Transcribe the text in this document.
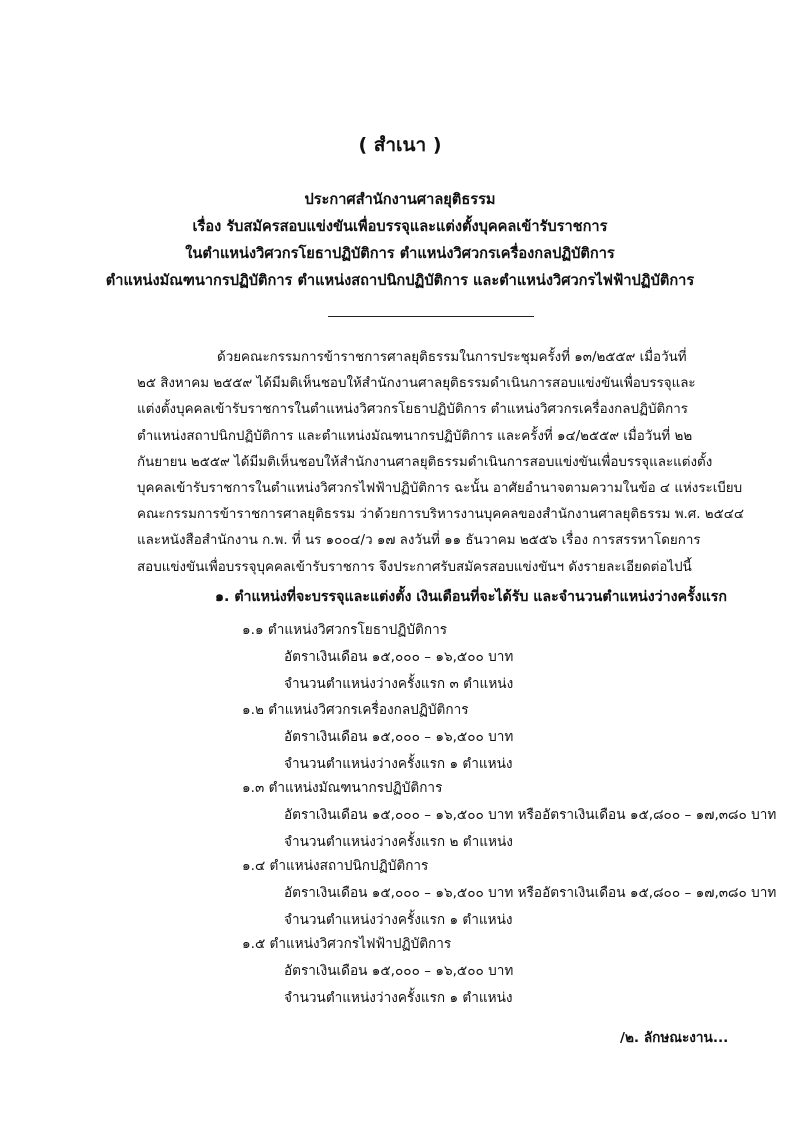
( สำเนา )
ประกาศสำนักงานศาลยุติธรรม
เรื่อง รับสมัครสอบแข่งขันเพื่อบรรจุและแต่งตั้งบุคคลเข้ารับราชการ
ในตำแหน่งวิศวกรโยธาปฏิบัติการ ตำแหน่งวิศวกรเครื่องกลปฏิบัติการ
ตำแหน่งมัณฑนากรปฏิบัติการ ตำแหน่งสถาปนิกปฏิบัติการ และตำแหน่งวิศวกรไฟฟ้าปฏิบัติการ
ด้วยคณะกรรมการข้าราชการศาลยุติธรรมในการประชุมครั้งที่ ๑๓/๒๕๕๙ เมื่อวันที่
๒๕ สิงหาคม ๒๕๕๙ ได้มีมติเห็นชอบให้สำนักงานศาลยุติธรรมดำเนินการสอบแข่งขันเพื่อบรรจุและ
แต่งตั้งบุคคลเข้ารับราชการในตำแหน่งวิศวกรโยธาปฏิบัติการ ตำแหน่งวิศวกรเครื่องกลปฏิบัติการ
ตำแหน่งสถาปนิกปฏิบัติการ และตำแหน่งมัณฑนากรปฏิบัติการ และครั้งที่ ๑๔/๒๕๕๙ เมื่อวันที่ ๒๒
กันยายน ๒๕๕๙ ได้มีมติเห็นชอบให้สำนักงานศาลยุติธรรมดำเนินการสอบแข่งขันเพื่อบรรจุและแต่งตั้ง
บุคคลเข้ารับราชการในตำแหน่งวิศวกรไฟฟ้าปฏิบัติการ ฉะนั้น อาศัยอำนาจตามความในข้อ ๔ แห่งระเบียบ
คณะกรรมการข้าราชการศาลยุติธรรม ว่าด้วยการบริหารงานบุคคลของสำนักงานศาลยุติธรรม พ.ศ. ๒๕๔๔
และหนังสือสำนักงาน ก.พ. ที่ นร ๑๐๐๔/ว ๑๗ ลงวันที่ ๑๑ ธันวาคม ๒๕๕๖ เรื่อง การสรรหาโดยการ
สอบแข่งขันเพื่อบรรจุบุคคลเข้ารับราชการ จึงประกาศรับสมัครสอบแข่งขันฯ ดังรายละเอียดต่อไปนี้
๑. ตำแหน่งที่จะบรรจุและแต่งตั้ง เงินเดือนที่จะได้รับ และจำนวนตำแหน่งว่างครั้งแรก
๑.๑ ตำแหน่งวิศวกรโยธาปฏิบัติการ
อัตราเงินเดือน ๑๕,๐๐๐ – ๑๖,๕๐๐ บาท
จำนวนตำแหน่งว่างครั้งแรก ๓ ตำแหน่ง
๑.๒ ตำแหน่งวิศวกรเครื่องกลปฏิบัติการ
อัตราเงินเดือน ๑๕,๐๐๐ – ๑๖,๕๐๐ บาท
จำนวนตำแหน่งว่างครั้งแรก ๑ ตำแหน่ง
๑.๓ ตำแหน่งมัณฑนากรปฏิบัติการ
อัตราเงินเดือน ๑๕,๐๐๐ – ๑๖,๕๐๐ บาท หรืออัตราเงินเดือน ๑๕,๘๐๐ – ๑๗,๓๘๐ บาท
จำนวนตำแหน่งว่างครั้งแรก ๒ ตำแหน่ง
๑.๔ ตำแหน่งสถาปนิกปฏิบัติการ
อัตราเงินเดือน ๑๕,๐๐๐ – ๑๖,๕๐๐ บาท หรืออัตราเงินเดือน ๑๕,๘๐๐ – ๑๗,๓๘๐ บาท
จำนวนตำแหน่งว่างครั้งแรก ๑ ตำแหน่ง
๑.๕ ตำแหน่งวิศวกรไฟฟ้าปฏิบัติการ
อัตราเงินเดือน ๑๕,๐๐๐ – ๑๖,๕๐๐ บาท
จำนวนตำแหน่งว่างครั้งแรก ๑ ตำแหน่ง
/๒. ลักษณะงาน...
